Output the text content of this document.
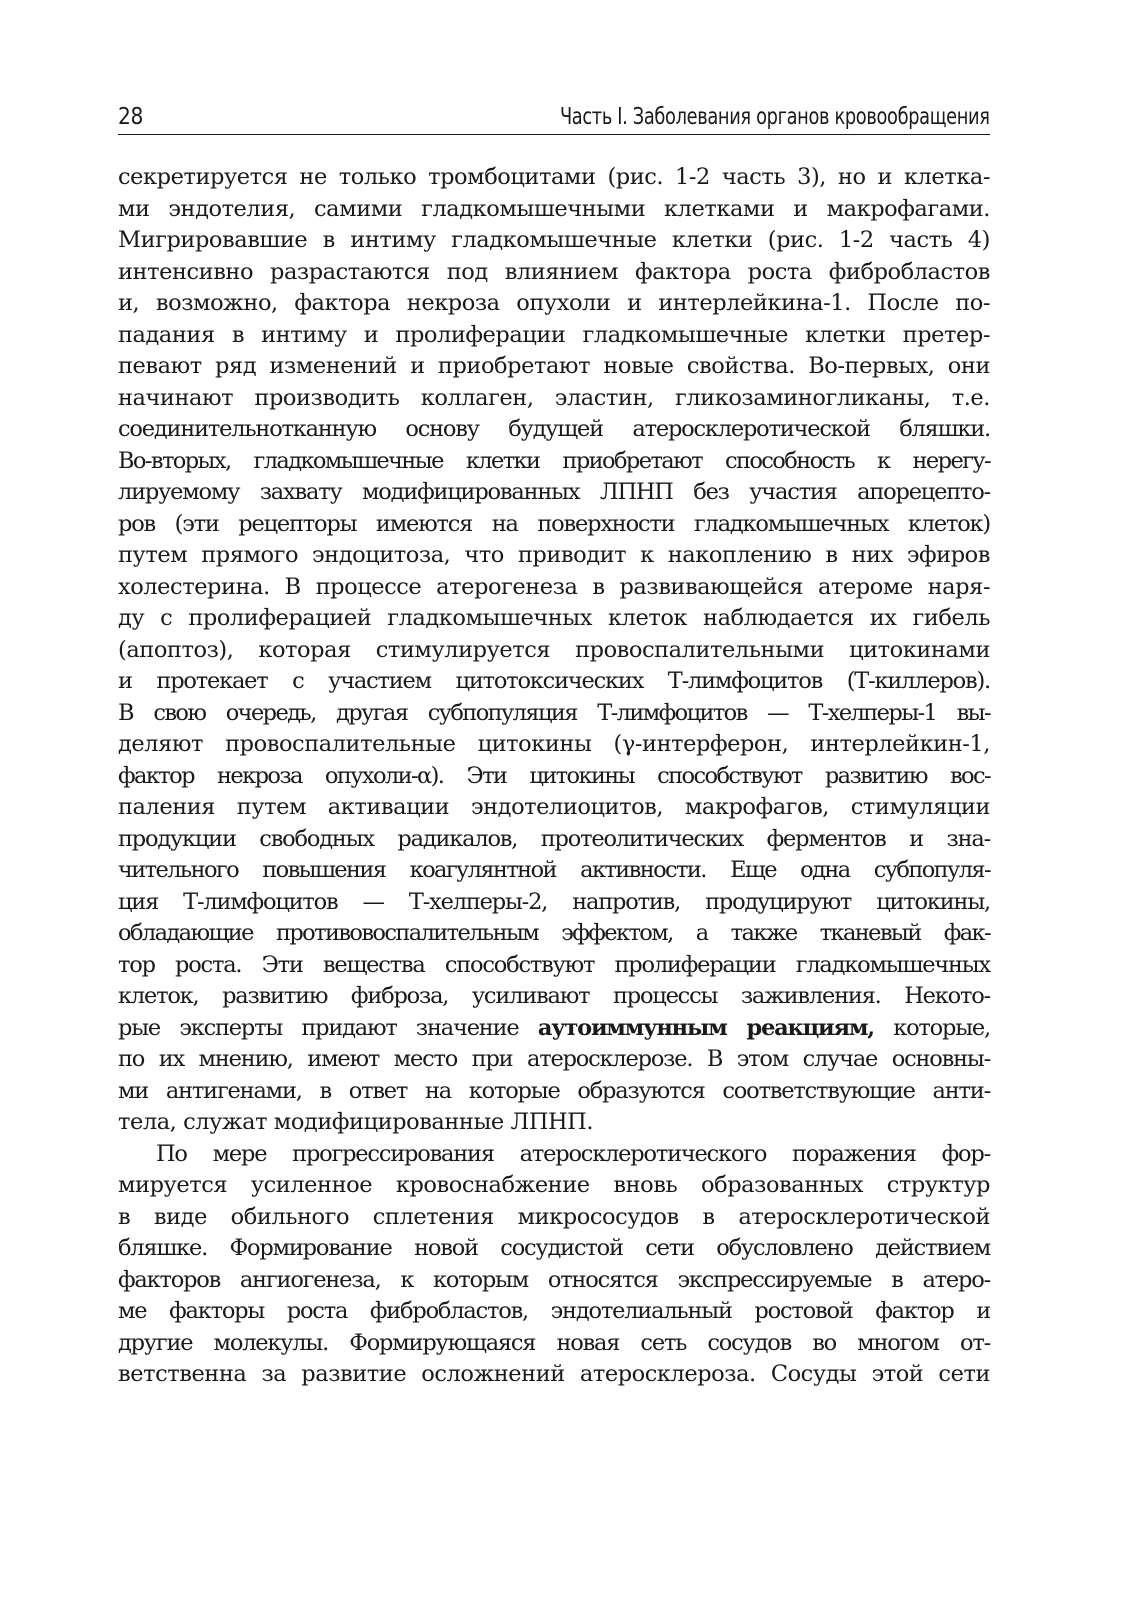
28	Часть I. Заболевания органов кровообращения
секретируется не только тромбоцитами (рис. 1-2 часть 3), но и клетка-
ми эндотелия, самими гладкомышечными клетками и макрофагами.
Мигрировавшие в интиму гладкомышечные клетки (рис. 1-2 часть 4)
интенсивно разрастаются под влиянием фактора роста фибробластов
и, возможно, фактора некроза опухоли и интерлейкина-1. После по-
падания в интиму и пролиферации гладкомышечные клетки претер-
певают ряд изменений и приобретают новые свойства. Во-первых, они
начинают производить коллаген, эластин, гликозаминогликаны, т.е.
соединительнотканную основу будущей атеросклеротической бляшки.
Во-вторых, гладкомышечные клетки приобретают способность к нерегу-
лируемому захвату модифицированных ЛПНП без участия апорецепто-
ров (эти рецепторы имеются на поверхности гладкомышечных клеток)
путем прямого эндоцитоза, что приводит к накоплению в них эфиров
холестерина. В процессе атерогенеза в развивающейся атероме наря-
ду с пролиферацией гладкомышечных клеток наблюдается их гибель
(апоптоз), которая стимулируется провоспалительными цитокинами
и протекает с участием цитотоксических Т-лимфоцитов (Т-киллеров).
В свою очередь, другая субпопуляция Т-лимфоцитов — Т-хелперы-1 вы-
деляют провоспалительные цитокины (γ-интерферон, интерлейкин-1,
фактор некроза опухоли-α). Эти цитокины способствуют развитию вос-
паления путем активации эндотелиоцитов, макрофагов, стимуляции
продукции свободных радикалов, протеолитических ферментов и зна-
чительного повышения коагулянтной активности. Еще одна субпопуля-
ция Т-лимфоцитов — Т-хелперы-2, напротив, продуцируют цитокины,
обладающие противовоспалительным эффектом, а также тканевый фак-
тор роста. Эти вещества способствуют пролиферации гладкомышечных
клеток, развитию фиброза, усиливают процессы заживления. Некото-
рые эксперты придают значение аутоиммунным реакциям, которые,
по их мнению, имеют место при атеросклерозе. В этом случае основны-
ми антигенами, в ответ на которые образуются соответствующие анти-
тела, служат модифицированные ЛПНП.
По мере прогрессирования атеросклеротического поражения фор-
мируется усиленное кровоснабжение вновь образованных структур
в виде обильного сплетения микрососудов в атеросклеротической
бляшке. Формирование новой сосудистой сети обусловлено действием
факторов ангиогенеза, к которым относятся экспрессируемые в атеро-
ме факторы роста фибробластов, эндотелиальный ростовой фактор и
другие молекулы. Формирующаяся новая сеть сосудов во многом от-
ветственна за развитие осложнений атеросклероза. Сосуды этой сети
